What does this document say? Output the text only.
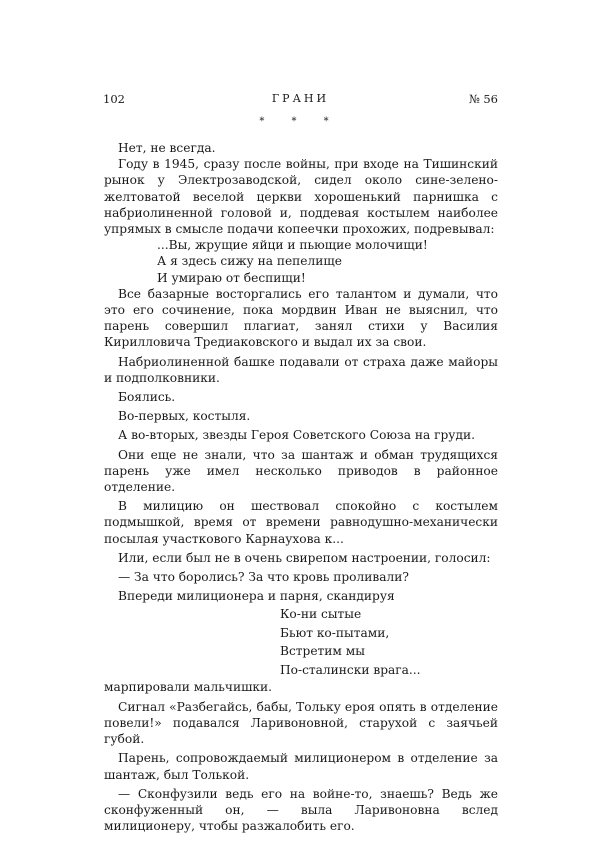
102	ГРАНИ	№ 56
* * *

Нет, не всегда.

Году в 1945, сразу после войны, при входе на Тишинский рынок у Электрозаводской, сидел около сине-зелено-желтоватой веселой церкви хорошенький парнишка с набриолиненной головой и, поддевая костылем наиболее упрямых в смысле подачи копеечки прохожих, подревывал:

...Вы, жрущие яйци и пьющие молочищи!
А я здесь сижу на пепелище
И умираю от беспищи!

Все базарные восторгались его талантом и думали, что это его сочинение, пока мордвин Иван не выяснил, что парень совершил плагиат, занял стихи у Василия Кирилловича Тредиаковского и выдал их за свои.

Набриолиненной башке подавали от страха даже майоры и подполковники.

Боялись.

Во-первых, костыля.

А во-вторых, звезды Героя Советского Союза на груди.

Они еще не знали, что за шантаж и обман трудящихся парень уже имел несколько приводов в районное отделение.

В милицию он шествовал спокойно с костылем подмышкой, время от времени равнодушно-механически посылая участкового Карнаухова к...

Или, если был не в очень свирепом настроении, голосил:

— За что боролись? За что кровь проливали?

Впереди милиционера и парня, скандируя

Ко-ни сытые
Бьют ко-пытами,
Встретим мы
По-сталински врага...

марпировали мальчишки.

Сигнал «Разбегайсь, бабы, Тольку ероя опять в отделение повели!» подавался Ларивоновной, старухой с заячьей губой.

Парень, сопровождаемый милиционером в отделение за шантаж, был Толькой.

— Сконфузили ведь его на войне-то, знаешь? Ведь же сконфуженный он, — выла Ларивоновна вслед милиционеру, чтобы разжалобить его.
